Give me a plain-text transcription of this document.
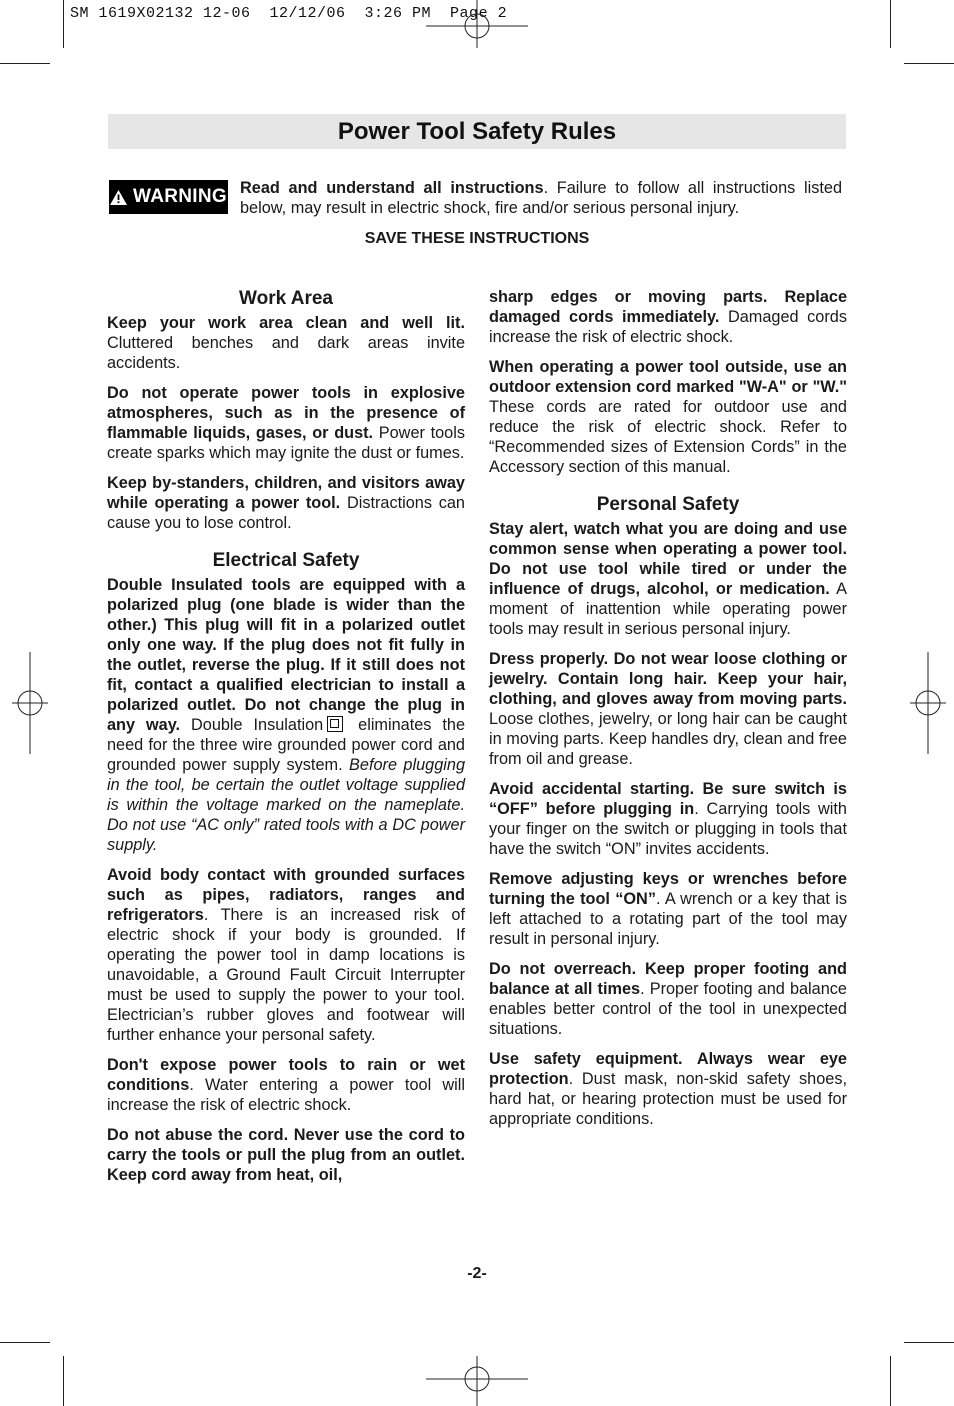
SM 1619X02132 12-06  12/12/06  3:26 PM  Page 2
Power Tool Safety Rules
WARNING Read and understand all instructions. Failure to follow all instructions listed below, may result in electric shock, fire and/or serious personal injury.
SAVE THESE INSTRUCTIONS
Work Area

Keep your work area clean and well lit. Cluttered benches and dark areas invite accidents.

Do not operate power tools in explosive atmospheres, such as in the presence of flammable liquids, gases, or dust. Power tools create sparks which may ignite the dust or fumes.

Keep by-standers, children, and visitors away while operating a power tool. Distractions can cause you to lose control.

Electrical Safety

Double Insulated tools are equipped with a polarized plug (one blade is wider than the other.) This plug will fit in a polarized outlet only one way. If the plug does not fit fully in the outlet, reverse the plug. If it still does not fit, contact a qualified electrician to install a polarized outlet. Do not change the plug in any way. Double Insulation eliminates the need for the three wire grounded power cord and grounded power supply system. Before plugging in the tool, be certain the outlet voltage supplied is within the voltage marked on the nameplate. Do not use “AC only” rated tools with a DC power supply.

Avoid body contact with grounded surfaces such as pipes, radiators, ranges and refrigerators. There is an increased risk of electric shock if your body is grounded. If operating the power tool in damp locations is unavoidable, a Ground Fault Circuit Interrupter must be used to supply the power to your tool. Electrician’s rubber gloves and footwear will further enhance your personal safety.

Don't expose power tools to rain or wet conditions. Water entering a power tool will increase the risk of electric shock.

Do not abuse the cord. Never use the cord to carry the tools or pull the plug from an outlet. Keep cord away from heat, oil,

sharp edges or moving parts. Replace damaged cords immediately. Damaged cords increase the risk of electric shock.

When operating a power tool outside, use an outdoor extension cord marked "W-A" or "W." These cords are rated for outdoor use and reduce the risk of electric shock. Refer to “Recommended sizes of Extension Cords” in the Accessory section of this manual.

Personal Safety

Stay alert, watch what you are doing and use common sense when operating a power tool. Do not use tool while tired or under the influence of drugs, alcohol, or medication. A moment of inattention while operating power tools may result in serious personal injury.

Dress properly. Do not wear loose clothing or jewelry. Contain long hair. Keep your hair, clothing, and gloves away from moving parts. Loose clothes, jewelry, or long hair can be caught in moving parts. Keep handles dry, clean and free from oil and grease.

Avoid accidental starting. Be sure switch is “OFF” before plugging in. Carrying tools with your finger on the switch or plugging in tools that have the switch “ON” invites accidents.

Remove adjusting keys or wrenches before turning the tool “ON”. A wrench or a key that is left attached to a rotating part of the tool may result in personal injury.

Do not overreach. Keep proper footing and balance at all times. Proper footing and balance enables better control of the tool in unexpected situations.

Use safety equipment. Always wear eye protection. Dust mask, non-skid safety shoes, hard hat, or hearing protection must be used for appropriate conditions.

-2-
